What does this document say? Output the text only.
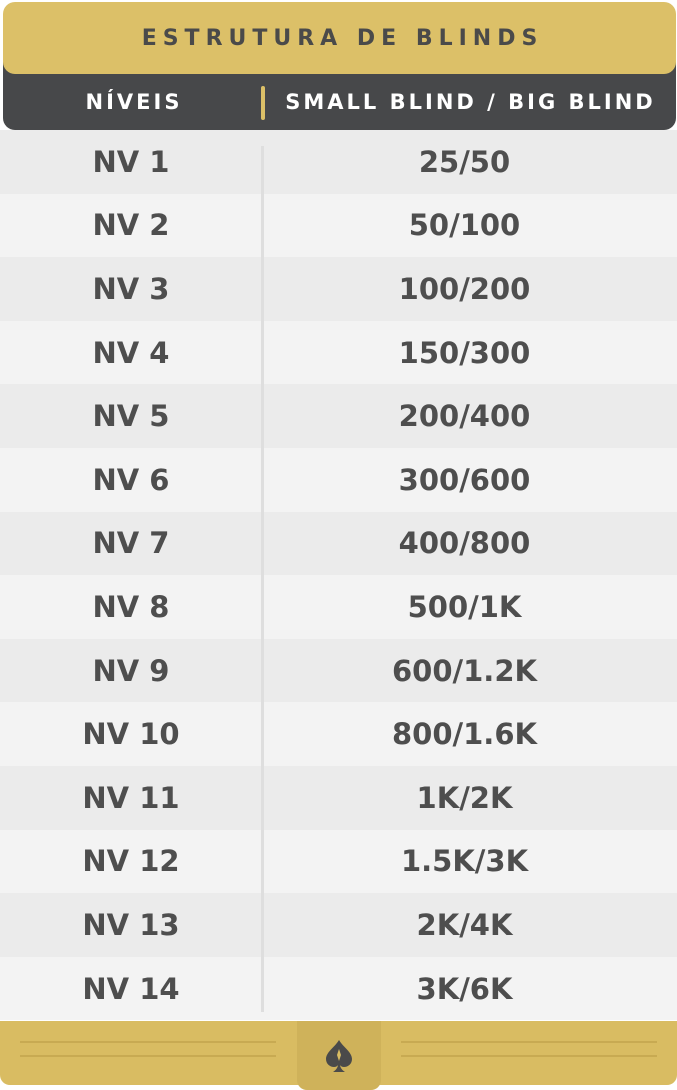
ESTRUTURA DE BLINDS
NÍVEIS	SMALL BLIND / BIG BLIND
NV 1	25/50
NV 2	50/100
NV 3	100/200
NV 4	150/300
NV 5	200/400
NV 6	300/600
NV 7	400/800
NV 8	500/1K
NV 9	600/1.2K
NV 10	800/1.6K
NV 11	1K/2K
NV 12	1.5K/3K
NV 13	2K/4K
NV 14	3K/6K
